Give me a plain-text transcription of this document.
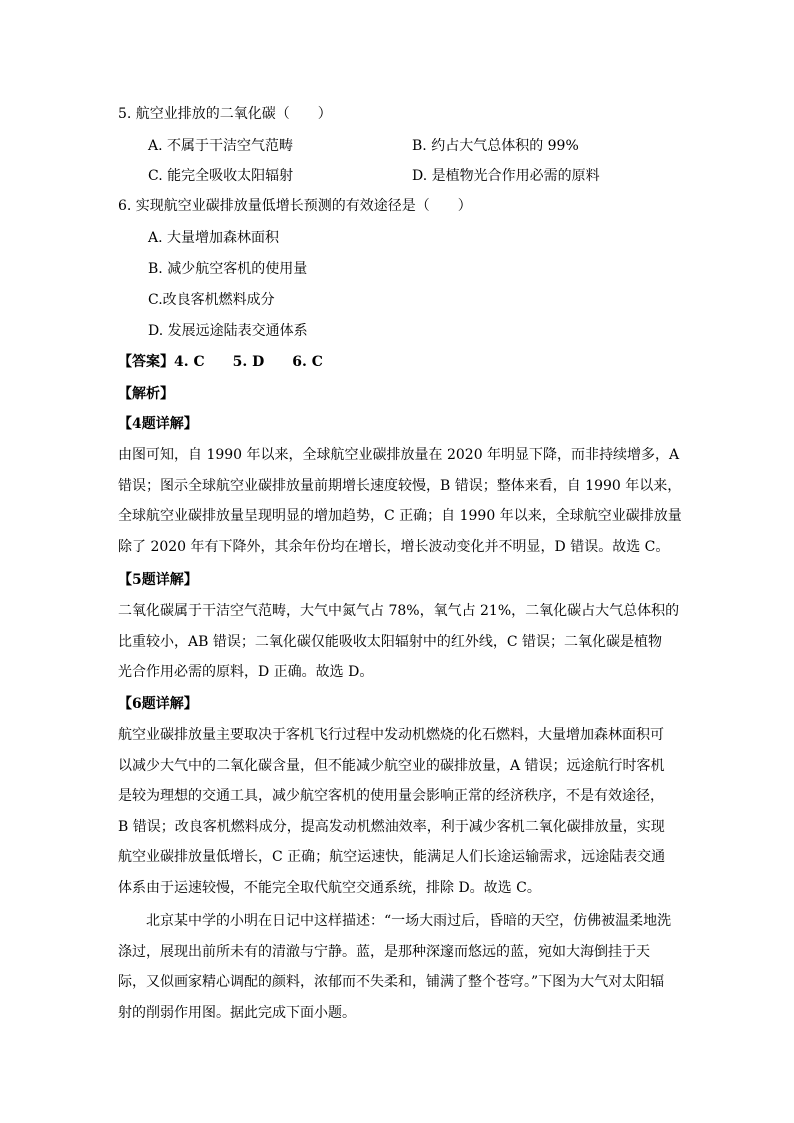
5. 航空业排放的二氧化碳（　　）
A. 不属于干洁空气范畴	B. 约占大气总体积的 99%
C. 能完全吸收太阳辐射	D. 是植物光合作用必需的原料
6. 实现航空业碳排放量低增长预测的有效途径是（　　）
A. 大量增加森林面积
B. 减少航空客机的使用量
C.改良客机燃料成分
D. 发展远途陆表交通体系
【答案】4. C　　5. D　　6. C
【解析】
【4题详解】
由图可知，自 1990 年以来，全球航空业碳排放量在 2020 年明显下降，而非持续增多，A
错误；图示全球航空业碳排放量前期增长速度较慢，B 错误；整体来看，自 1990 年以来，
全球航空业碳排放量呈现明显的增加趋势，C 正确；自 1990 年以来，全球航空业碳排放量
除了 2020 年有下降外，其余年份均在增长，增长波动变化并不明显，D 错误。故选 C。
【5题详解】
二氧化碳属于干洁空气范畴，大气中氮气占 78%，氧气占 21%，二氧化碳占大气总体积的
比重较小，AB 错误；二氧化碳仅能吸收太阳辐射中的红外线，C 错误；二氧化碳是植物
光合作用必需的原料，D 正确。故选 D。
【6题详解】
航空业碳排放量主要取决于客机飞行过程中发动机燃烧的化石燃料，大量增加森林面积可
以减少大气中的二氧化碳含量，但不能减少航空业的碳排放量，A 错误；远途航行时客机
是较为理想的交通工具，减少航空客机的使用量会影响正常的经济秩序，不是有效途径，
B 错误；改良客机燃料成分，提高发动机燃油效率，利于减少客机二氧化碳排放量，实现
航空业碳排放量低增长，C 正确；航空运速快，能满足人们长途运输需求，远途陆表交通
体系由于运速较慢，不能完全取代航空交通系统，排除 D。故选 C。
北京某中学的小明在日记中这样描述：“一场大雨过后，昏暗的天空，仿佛被温柔地洗
涤过，展现出前所未有的清澈与宁静。蓝，是那种深邃而悠远的蓝，宛如大海倒挂于天
际，又似画家精心调配的颜料，浓郁而不失柔和，铺满了整个苍穹。”下图为大气对太阳辐
射的削弱作用图。据此完成下面小题。
